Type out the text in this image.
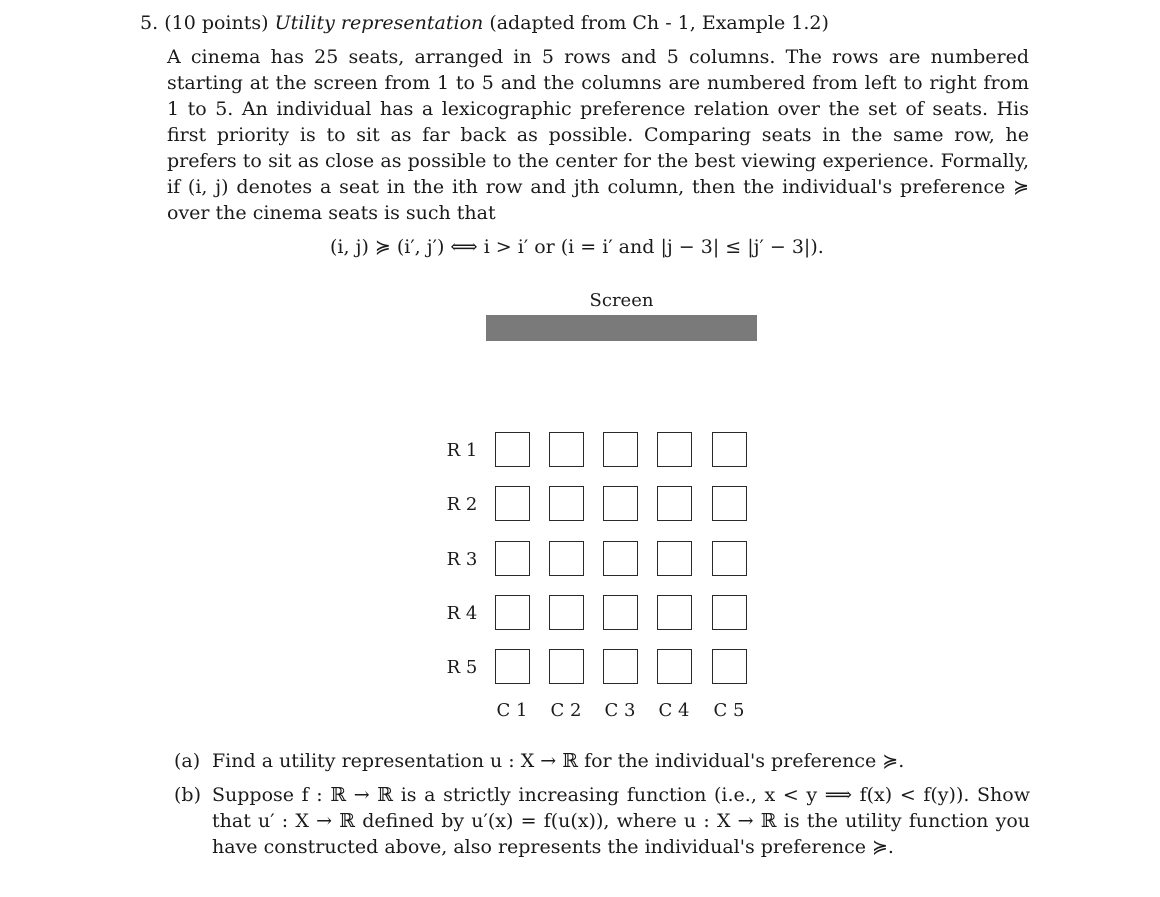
5. (10 points) Utility representation (adapted from Ch - 1, Example 1.2)
A cinema has 25 seats, arranged in 5 rows and 5 columns. The rows are numbered starting at the screen from 1 to 5 and the columns are numbered from left to right from 1 to 5. An individual has a lexicographic preference relation over the set of seats. His first priority is to sit as far back as possible. Comparing seats in the same row, he prefers to sit as close as possible to the center for the best viewing experience. Formally, if (i, j) denotes a seat in the ith row and jth column, then the individual's preference ≽ over the cinema seats is such that
(i, j) ≽ (i′, j′) ⟺ i > i′ or (i = i′ and |j − 3| ≤ |j′ − 3|).
Screen
R 1
R 2
R 3
R 4
R 5
C 1	C 2	C 3	C 4	C 5
(a) Find a utility representation u : X → ℝ for the individual's preference ≽.
(b) Suppose f : ℝ → ℝ is a strictly increasing function (i.e., x < y ⟹ f(x) < f(y)). Show that u′ : X → ℝ defined by u′(x) = f(u(x)), where u : X → ℝ is the utility function you have constructed above, also represents the individual's preference ≽.
